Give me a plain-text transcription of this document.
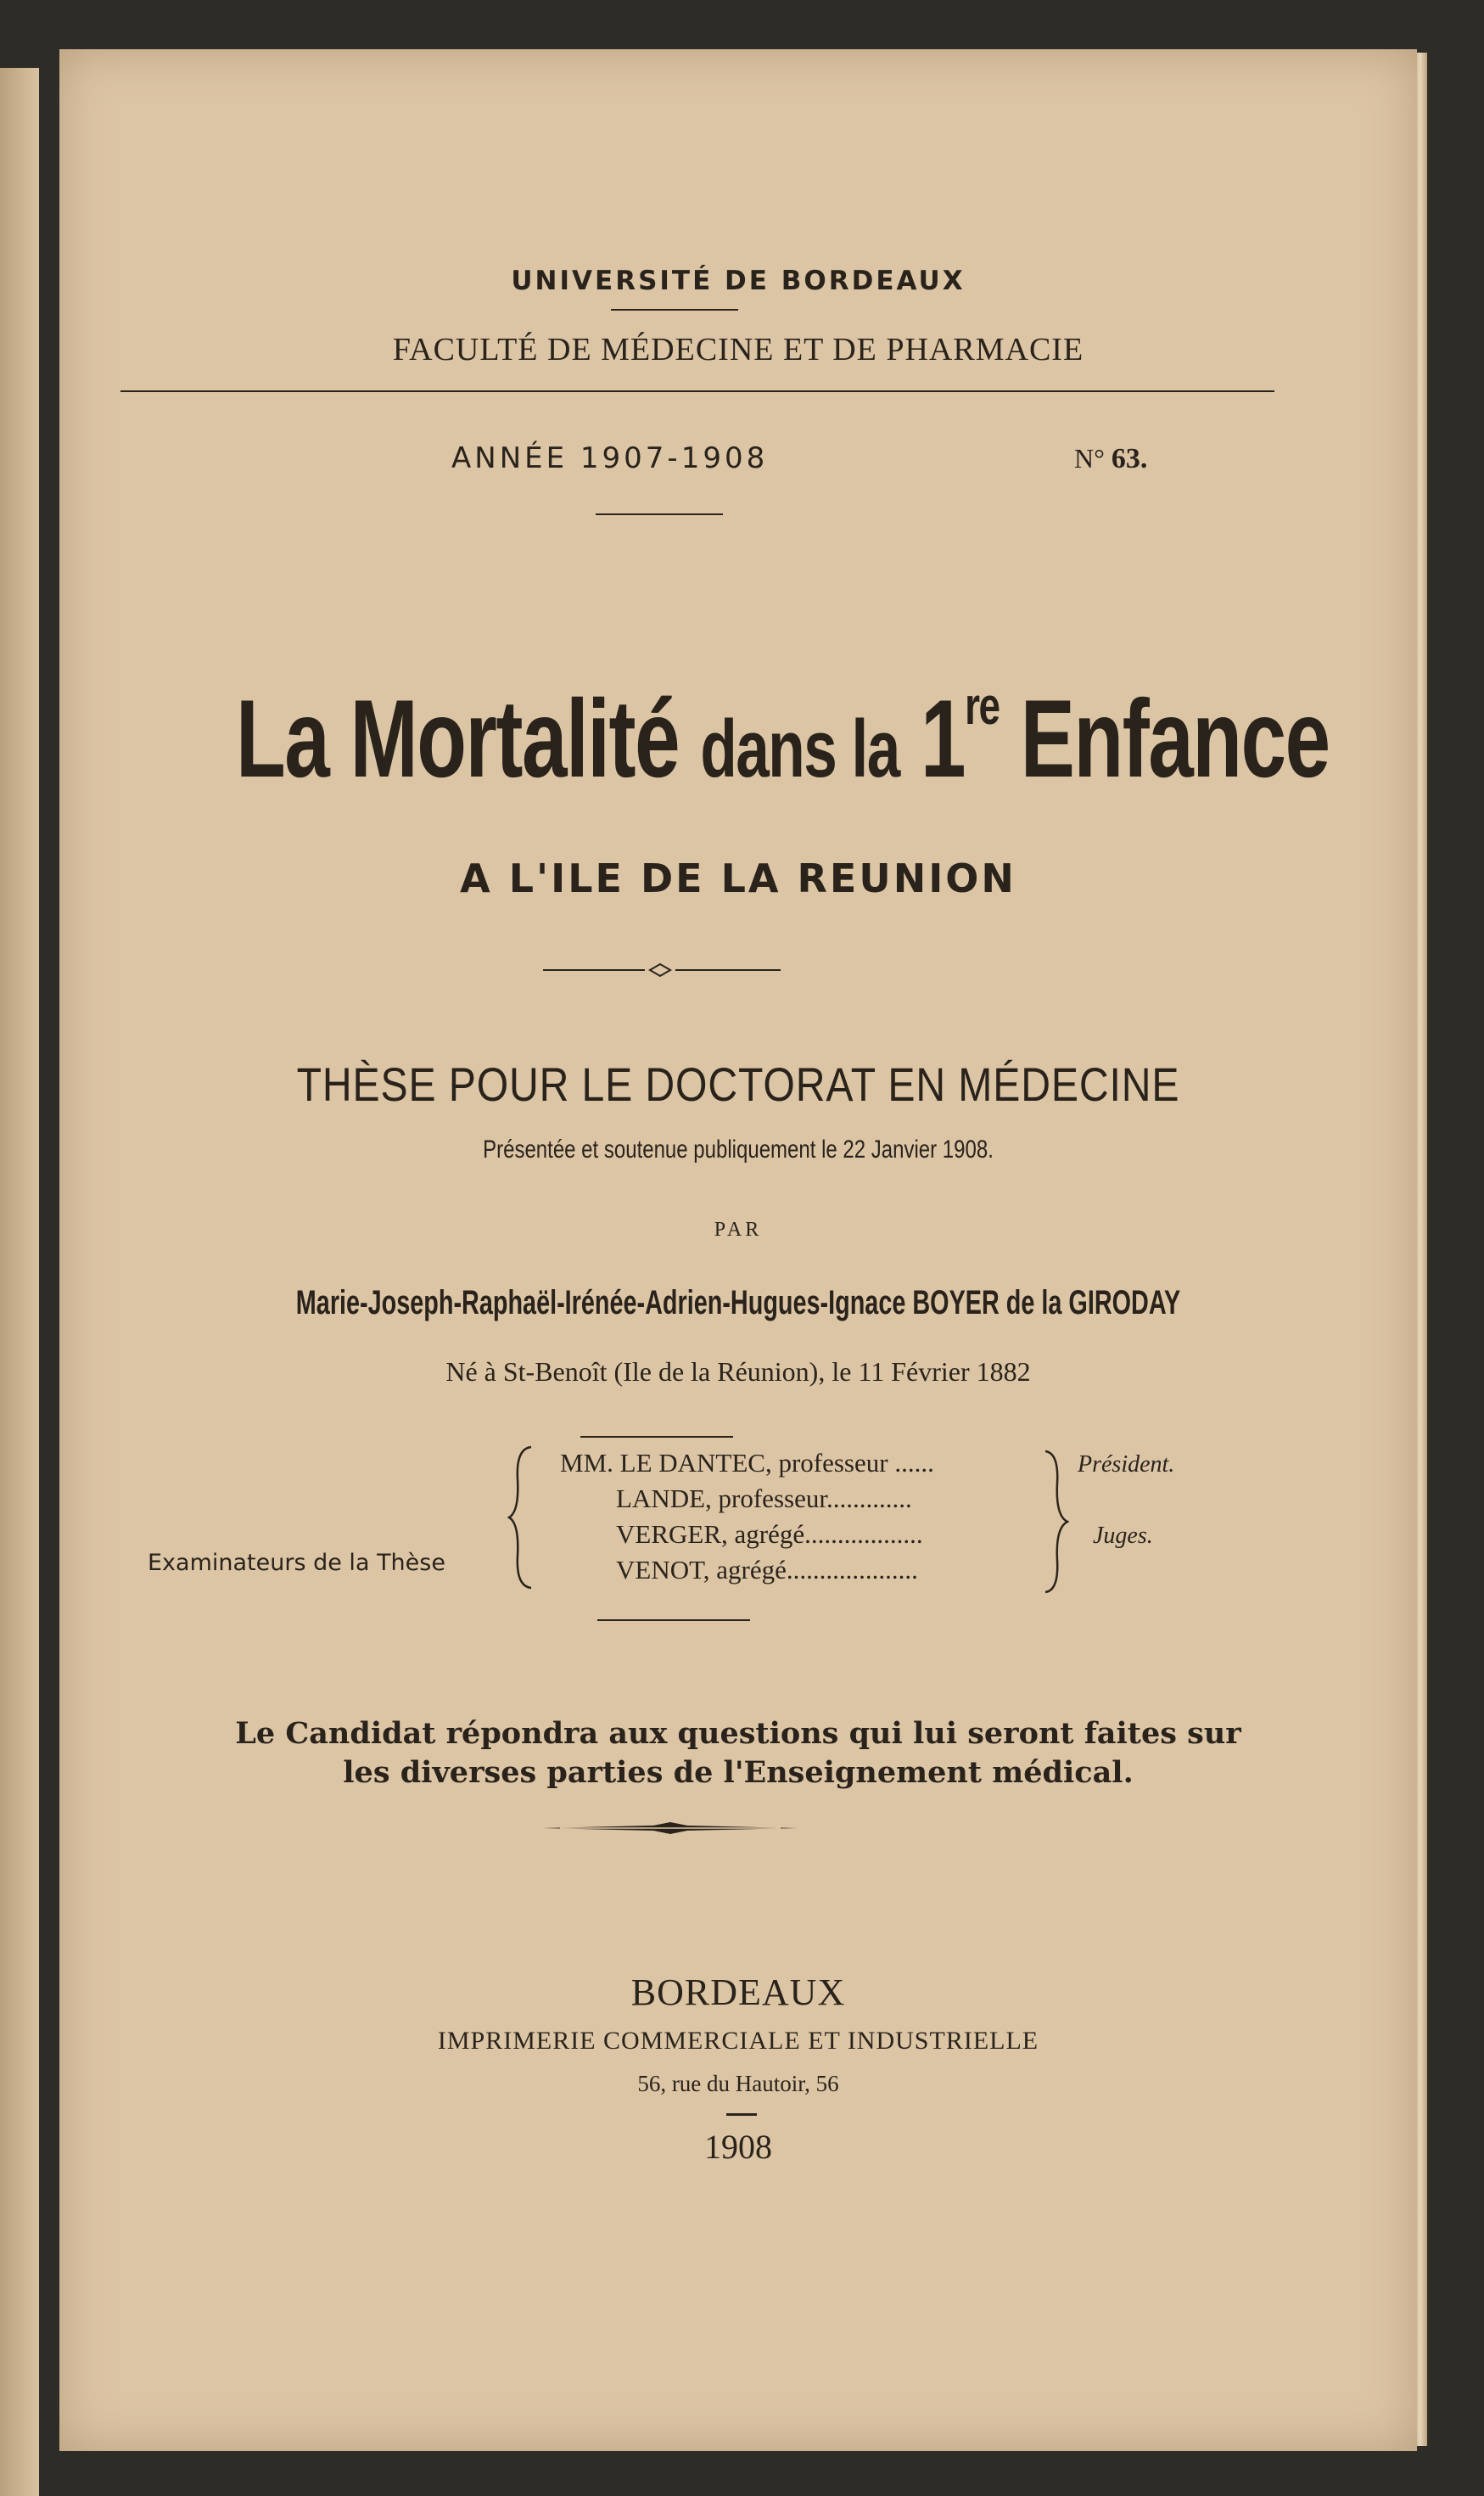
UNIVERSITÉ DE BORDEAUX
FACULTÉ DE MÉDECINE ET DE PHARMACIE
ANNÉE 1907-1908	N° 63.
La Mortalité dans la 1re Enfance
A L'ILE DE LA REUNION
THÈSE POUR LE DOCTORAT EN MÉDECINE
Présentée et soutenue publiquement le 22 Janvier 1908.
PAR
Marie-Joseph-Raphaël-Irénée-Adrien-Hugues-Ignace BOYER de la GIRODAY
Né à St-Benoît (Ile de la Réunion), le 11 Février 1882
Examinateurs de la Thèse
MM. LE DANTEC, professeur ......
LANDE, professeur.............
VERGER, agrégé..................
VENOT, agrégé....................
Président.
Juges.
Le Candidat répondra aux questions qui lui seront faites sur
les diverses parties de l'Enseignement médical.
BORDEAUX
IMPRIMERIE COMMERCIALE ET INDUSTRIELLE
56, rue du Hautoir, 56
1908
